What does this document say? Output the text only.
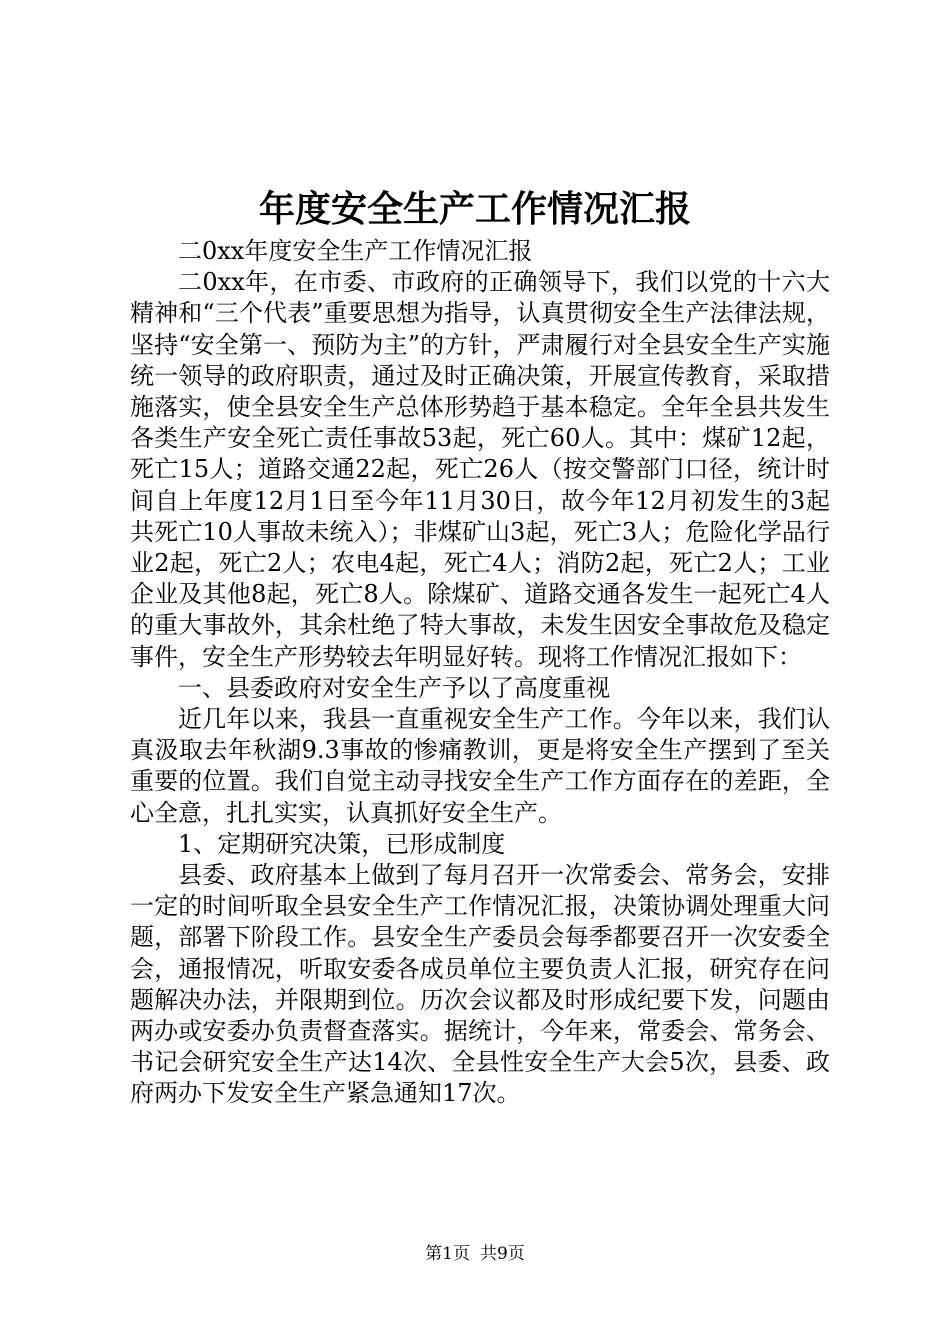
年度安全生产工作情况汇报

二0xx年度安全生产工作情况汇报

二0xx年，在市委、市政府的正确领导下，我们以党的十六大精神和“三个代表”重要思想为指导，认真贯彻安全生产法律法规，坚持“安全第一、预防为主”的方针，严肃履行对全县安全生产实施统一领导的政府职责，通过及时正确决策，开展宣传教育，采取措施落实，使全县安全生产总体形势趋于基本稳定。全年全县共发生各类生产安全死亡责任事故53起，死亡60人。其中：煤矿12起，死亡15人；道路交通22起，死亡26人（按交警部门口径，统计时间自上年度12月1日至今年11月30日，故今年12月初发生的3起共死亡10人事故未统入）；非煤矿山3起，死亡3人；危险化学品行业2起，死亡2人；农电4起，死亡4人；消防2起，死亡2人；工业企业及其他8起，死亡8人。除煤矿、道路交通各发生一起死亡4人的重大事故外，其余杜绝了特大事故，未发生因安全事故危及稳定事件，安全生产形势较去年明显好转。现将工作情况汇报如下：

一、县委政府对安全生产予以了高度重视

近几年以来，我县一直重视安全生产工作。今年以来，我们认真汲取去年秋湖9.3事故的惨痛教训，更是将安全生产摆到了至关重要的位置。我们自觉主动寻找安全生产工作方面存在的差距，全心全意，扎扎实实，认真抓好安全生产。

1、定期研究决策，已形成制度

县委、政府基本上做到了每月召开一次常委会、常务会，安排一定的时间听取全县安全生产工作情况汇报，决策协调处理重大问题，部署下阶段工作。县安全生产委员会每季都要召开一次安委全会，通报情况，听取安委各成员单位主要负责人汇报，研究存在问题解决办法，并限期到位。历次会议都及时形成纪要下发，问题由两办或安委办负责督查落实。据统计，今年来，常委会、常务会、书记会研究安全生产达14次、全县性安全生产大会5次，县委、政府两办下发安全生产紧急通知17次。

第1页 共9页
